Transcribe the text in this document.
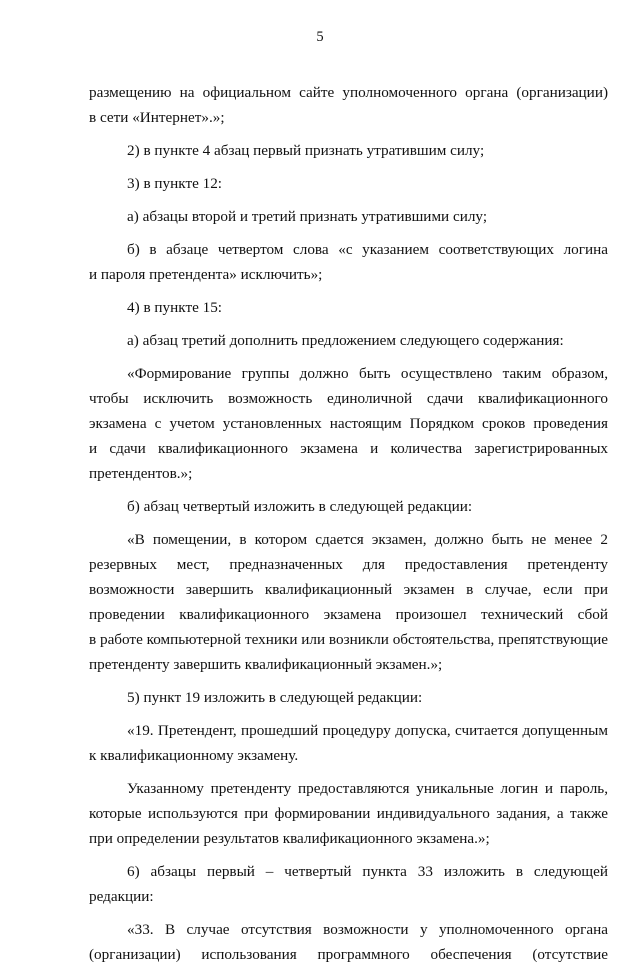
5

размещению на официальном сайте уполномоченного органа (организации)
в сети «Интернет».»;

2) в пункте 4 абзац первый признать утратившим силу;

3) в пункте 12:

а) абзацы второй и третий признать утратившими силу;

б) в абзаце четвертом слова «с указанием соответствующих логина
и пароля претендента» исключить»;

4) в пункте 15:

а) абзац третий дополнить предложением следующего содержания:

«Формирование группы должно быть осуществлено таким образом,
чтобы исключить возможность единоличной сдачи квалификационного
экзамена с учетом установленных настоящим Порядком сроков проведения
и сдачи квалификационного экзамена и количества зарегистрированных
претендентов.»;

б) абзац четвертый изложить в следующей редакции:

«В помещении, в котором сдается экзамен, должно быть не менее 2
резервных мест, предназначенных для предоставления претенденту
возможности завершить квалификационный экзамен в случае, если при
проведении квалификационного экзамена произошел технический сбой
в работе компьютерной техники или возникли обстоятельства, препятствующие
претенденту завершить квалификационный экзамен.»;

5) пункт 19 изложить в следующей редакции:

«19. Претендент, прошедший процедуру допуска, считается допущенным
к квалификационному экзамену.

Указанному претенденту предоставляются уникальные логин и пароль,
которые используются при формировании индивидуального задания, а также
при определении результатов квалификационного экзамена.»;

6) абзацы первый – четвертый пункта 33 изложить в следующей
редакции:

«33. В случае отсутствия возможности у уполномоченного органа
(организации) использования программного обеспечения (отсутствие
